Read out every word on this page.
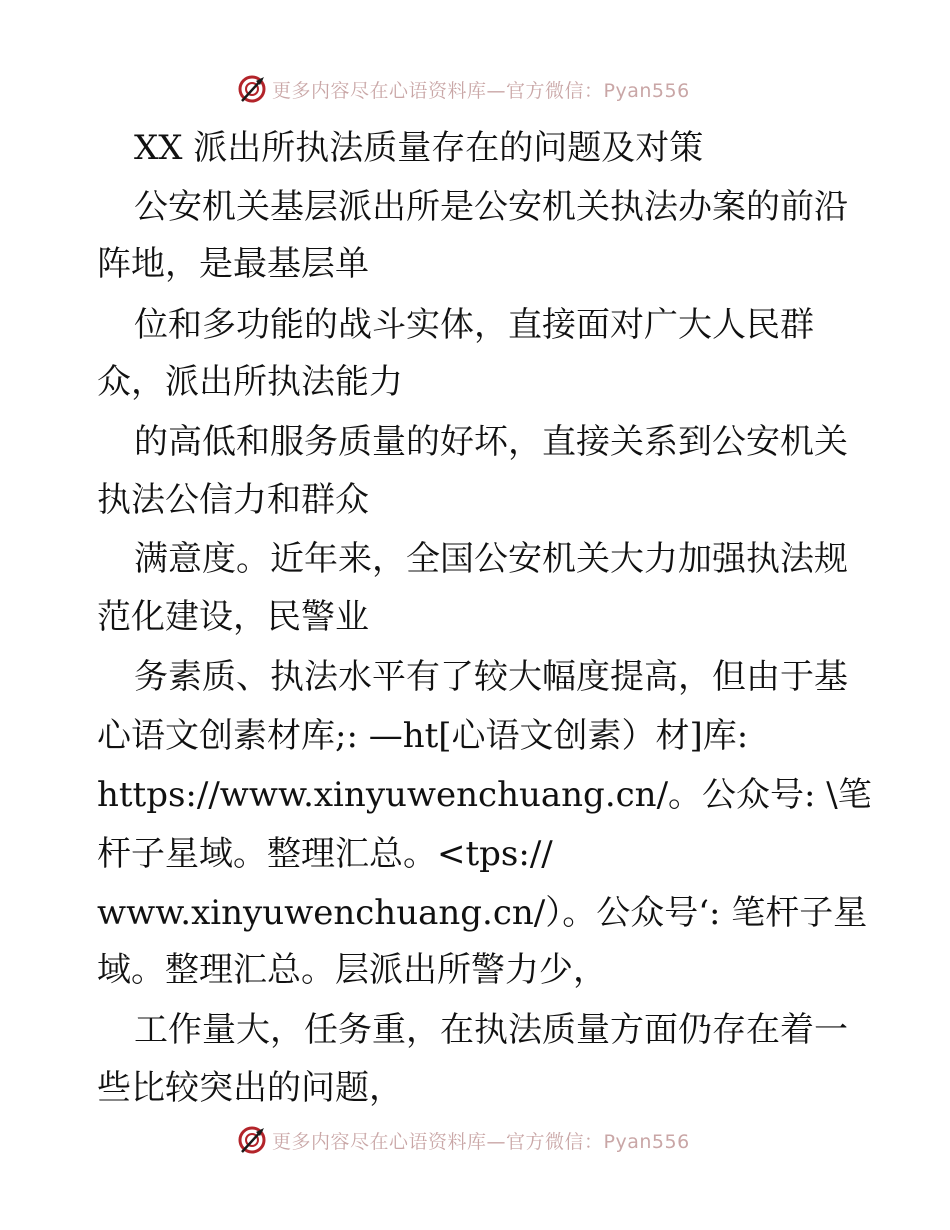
更多内容尽在心语资料库—官方微信：Pyan556
XX 派出所执法质量存在的问题及对策
公安机关基层派出所是公安机关执法办案的前沿
阵地，是最基层单
位和多功能的战斗实体，直接面对广大人民群
众，派出所执法能力
的高低和服务质量的好坏，直接关系到公安机关
执法公信力和群众
满意度。近年来，全国公安机关大力加强执法规
范化建设，民警业
务素质、执法水平有了较大幅度提高，但由于基
心语文创素材库;: —ht[心语文创素）材]库:
https://www.xinyuwenchuang.cn/。公众号: \笔
杆子星域。整理汇总。<tps://
www.xinyuwenchuang.cn/）。公众号‘: 笔杆子星
域。整理汇总。层派出所警力少，
工作量大，任务重，在执法质量方面仍存在着一
些比较突出的问题，
更多内容尽在心语资料库—官方微信：Pyan556
